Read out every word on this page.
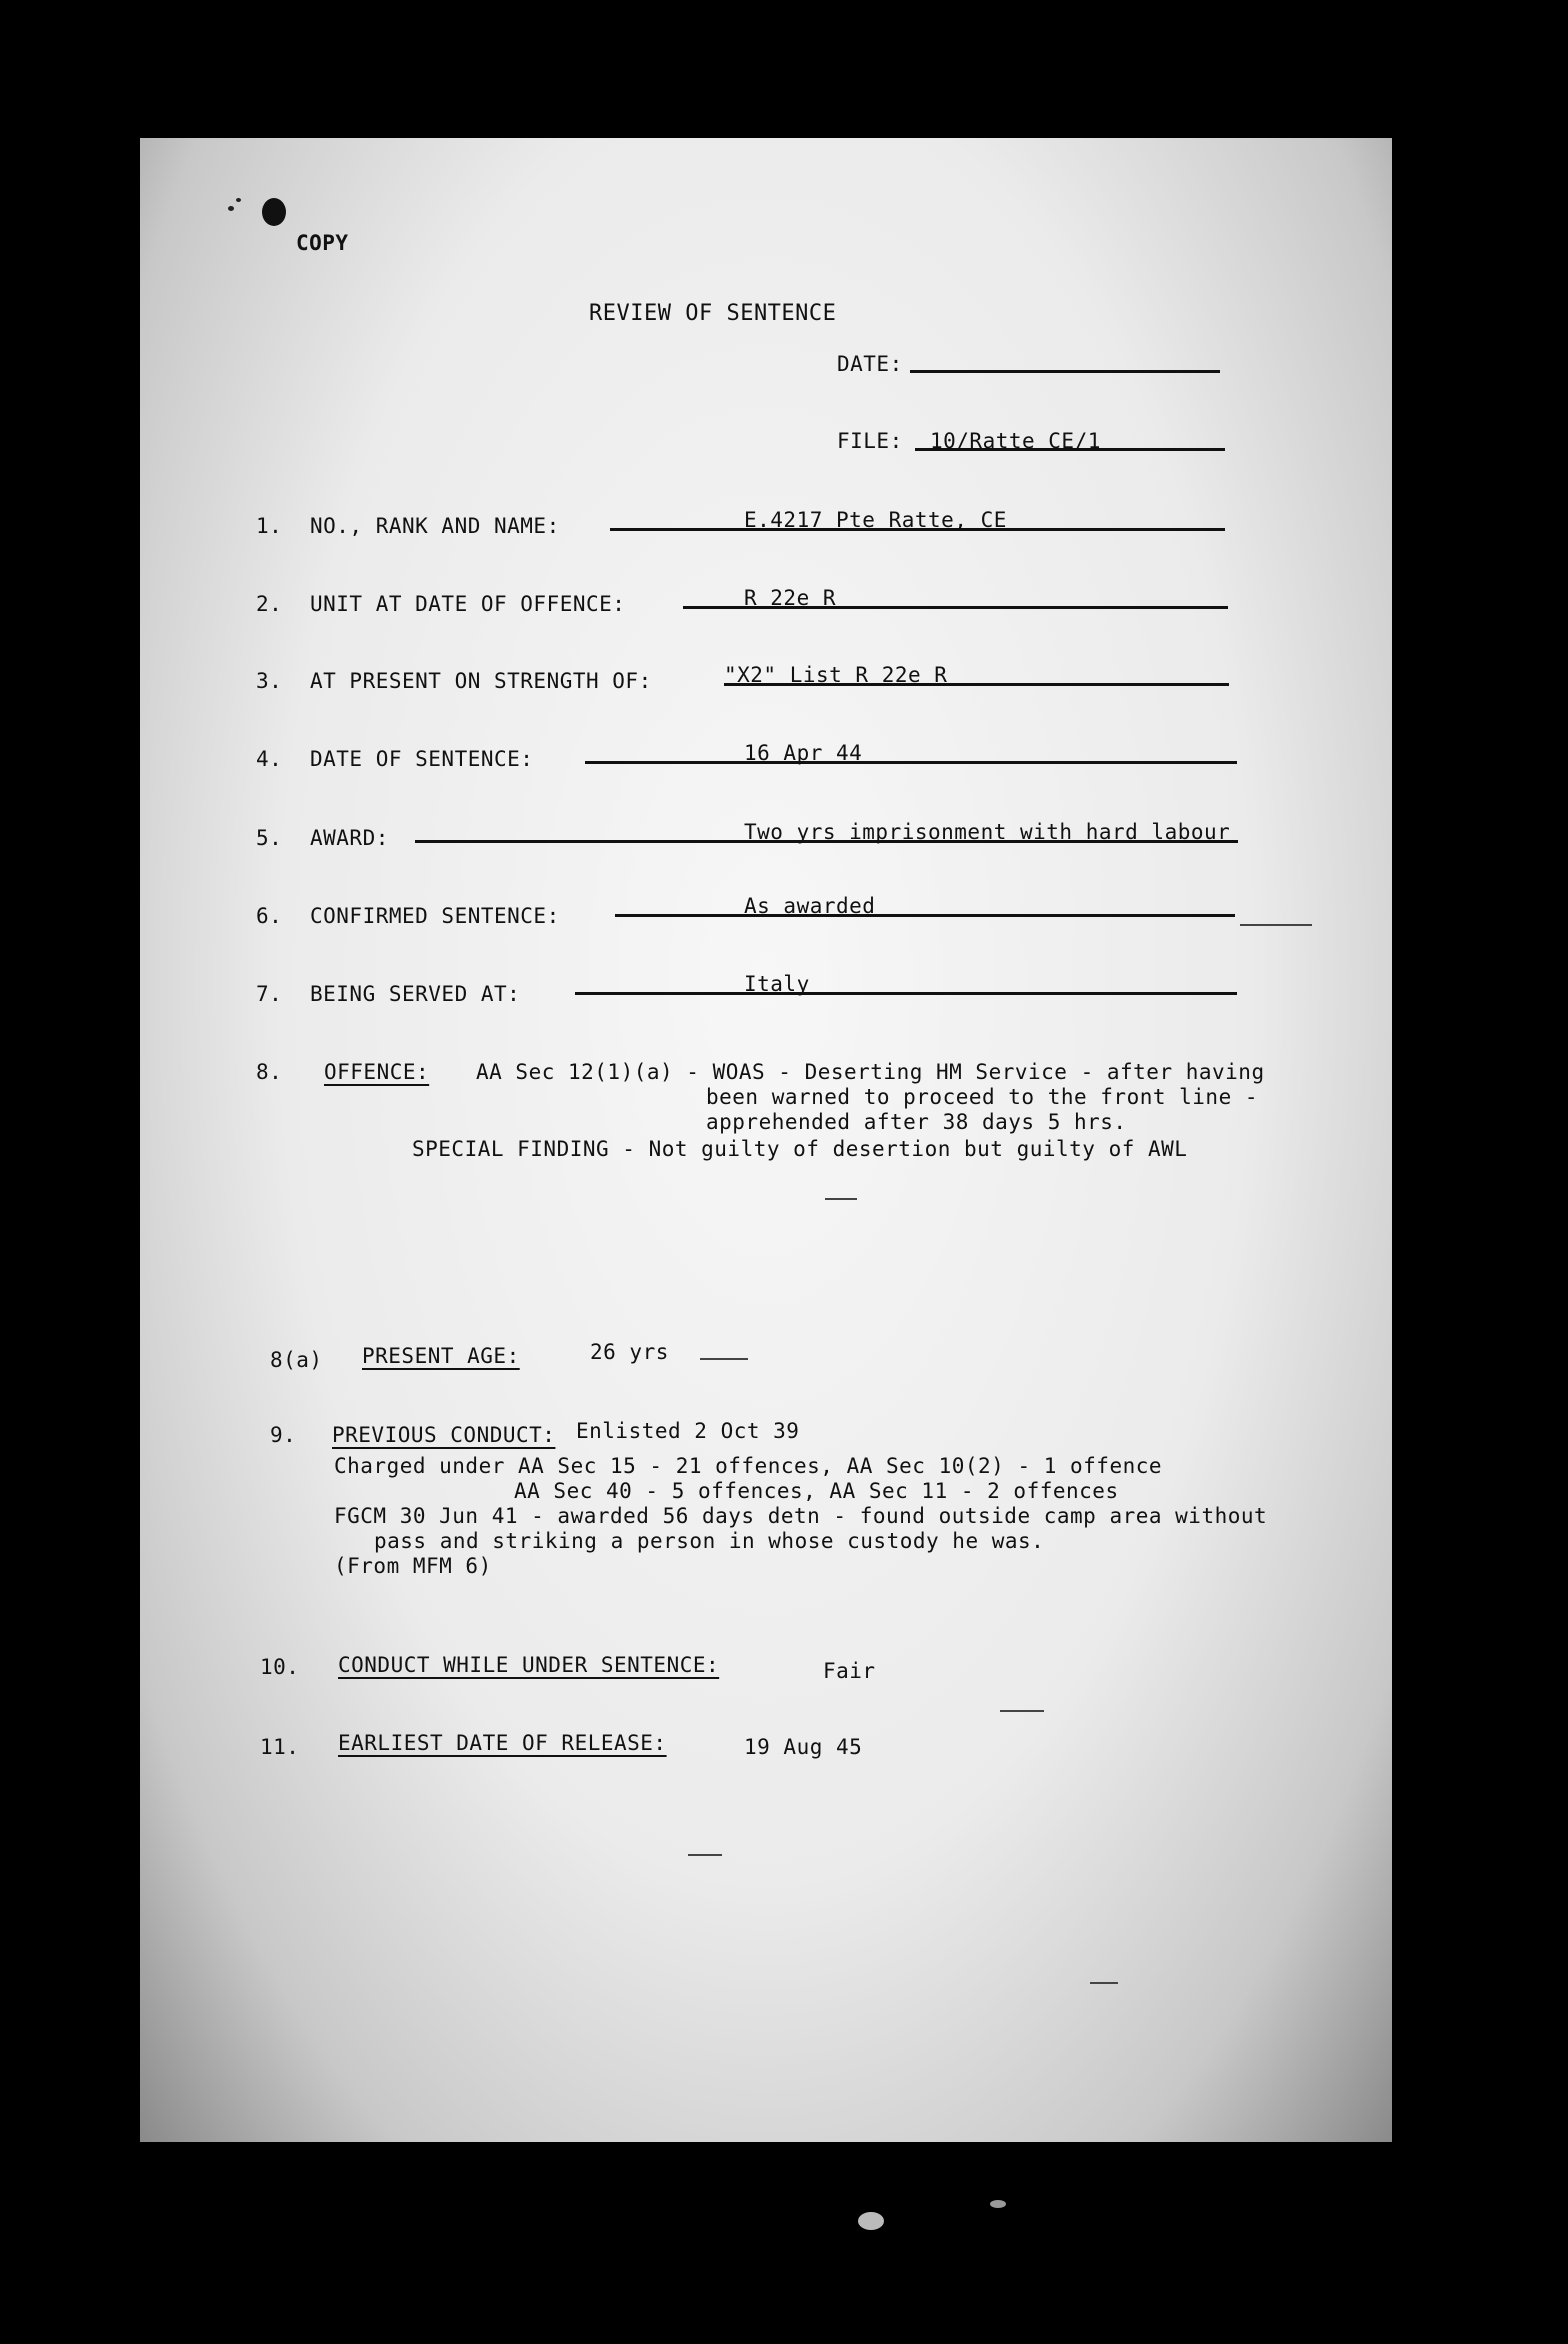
COPY
REVIEW OF SENTENCE
DATE:
FILE: 10/Ratte CE/1
1. NO., RANK AND NAME:	E.4217 Pte Ratte, CE
2. UNIT AT DATE OF OFFENCE:	R 22e R
3. AT PRESENT ON STRENGTH OF:	"X2" List R 22e R
4. DATE OF SENTENCE:	16 Apr 44
5. AWARD:	Two yrs imprisonment with hard labour
6. CONFIRMED SENTENCE:	As awarded
7. BEING SERVED AT:	Italy
8. OFFENCE: AA Sec 12(1)(a) - WOAS - Deserting HM Service - after having
been warned to proceed to the front line -
apprehended after 38 days 5 hrs.
SPECIAL FINDING - Not guilty of desertion but guilty of AWL
8(a) PRESENT AGE:	26 yrs
9. PREVIOUS CONDUCT: Enlisted 2 Oct 39
Charged under AA Sec 15 - 21 offences, AA Sec 10(2) - 1 offence
AA Sec 40 - 5 offences, AA Sec 11 - 2 offences
FGCM 30 Jun 41 - awarded 56 days detn - found outside camp area without
pass and striking a person in whose custody he was.
(From MFM 6)
10. CONDUCT WHILE UNDER SENTENCE:	Fair
11. EARLIEST DATE OF RELEASE:	19 Aug 45
